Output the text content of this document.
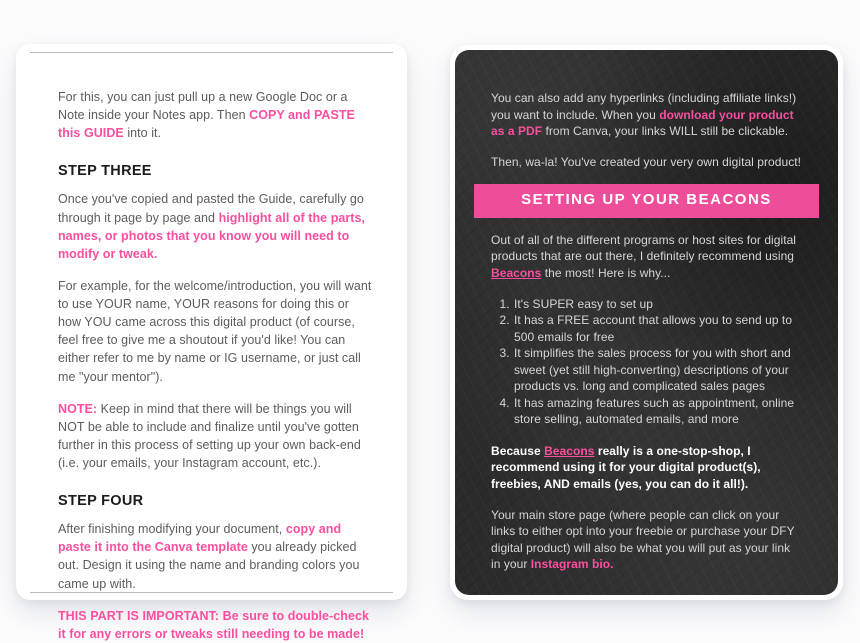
For this, you can just pull up a new Google Doc or a Note inside your Notes app. Then COPY and PASTE this GUIDE into it.

STEP THREE

Once you've copied and pasted the Guide, carefully go through it page by page and highlight all of the parts, names, or photos that you know you will need to modify or tweak.

For example, for the welcome/introduction, you will want to use YOUR name, YOUR reasons for doing this or how YOU came across this digital product (of course, feel free to give me a shoutout if you'd like! You can either refer to me by name or IG username, or just call me "your mentor").

NOTE: Keep in mind that there will be things you will NOT be able to include and finalize until you've gotten further in this process of setting up your own back-end (i.e. your emails, your Instagram account, etc.).

STEP FOUR

After finishing modifying your document, copy and paste it into the Canva template you already picked out. Design it using the name and branding colors you came up with.

THIS PART IS IMPORTANT: Be sure to double-check it for any errors or tweaks still needing to be made!

You can also add any hyperlinks (including affiliate links!) you want to include. When you download your product as a PDF from Canva, your links WILL still be clickable.

Then, wa-la! You've created your very own digital product!

SETTING UP YOUR BEACONS

Out of all of the different programs or host sites for digital products that are out there, I definitely recommend using Beacons the most! Here is why...

1. It's SUPER easy to set up
2. It has a FREE account that allows you to send up to 500 emails for free
3. It simplifies the sales process for you with short and sweet (yet still high-converting) descriptions of your products vs. long and complicated sales pages
4. It has amazing features such as appointment, online store selling, automated emails, and more

Because Beacons really is a one-stop-shop, I recommend using it for your digital product(s), freebies, AND emails (yes, you can do it all!).

Your main store page (where people can click on your links to either opt into your freebie or purchase your DFY digital product) will also be what you will put as your link in your Instagram bio.
